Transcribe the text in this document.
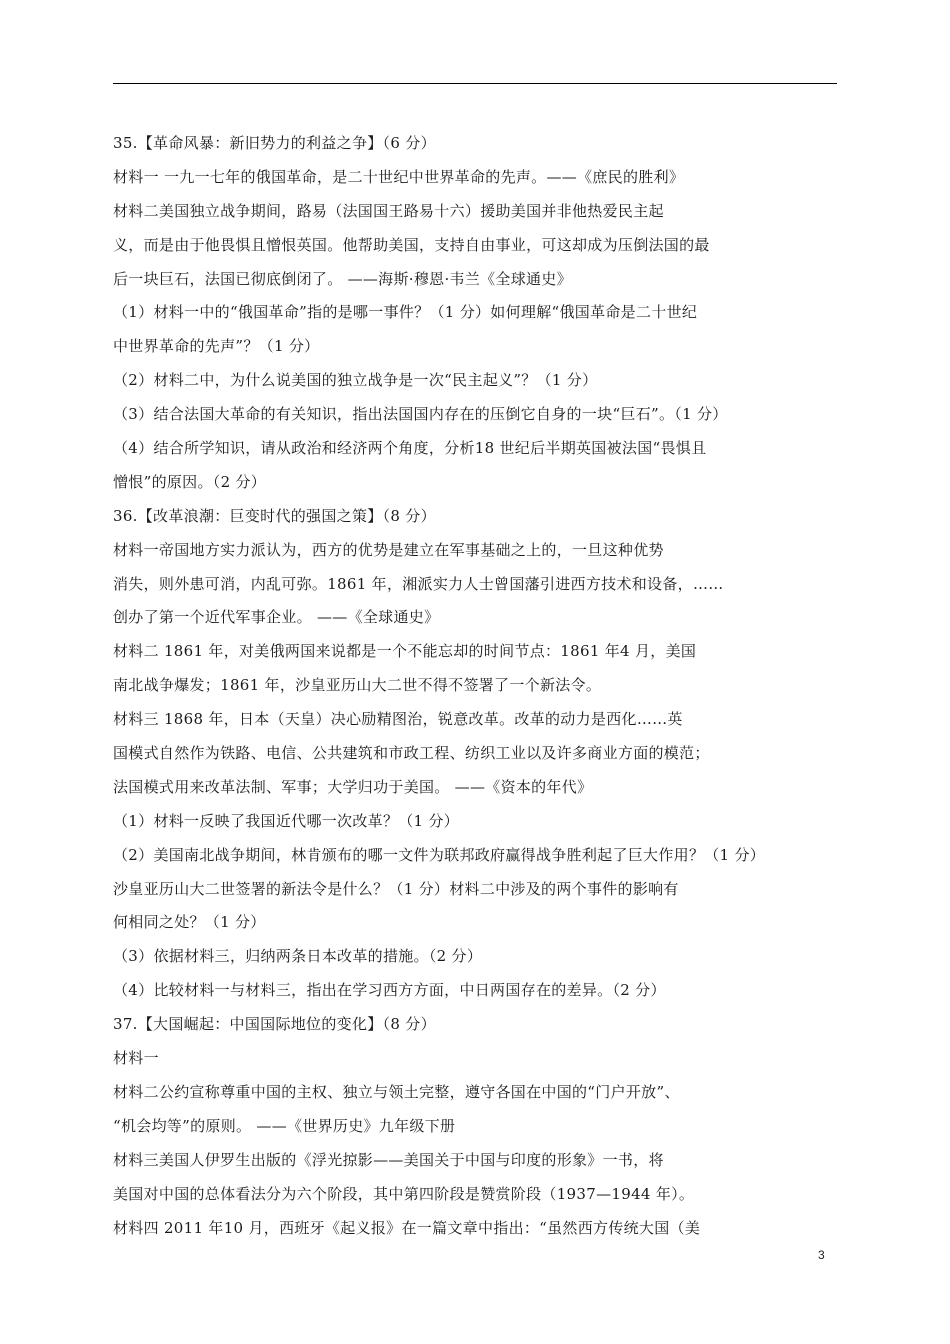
35.【革命风暴：新旧势力的利益之争】（6 分）
材料一 一九一七年的俄国革命，是二十世纪中世界革命的先声。——《庶民的胜利》
材料二美国独立战争期间，路易（法国国王路易十六）援助美国并非他热爱民主起
义，而是由于他畏惧且憎恨英国。他帮助美国，支持自由事业，可这却成为压倒法国的最
后一块巨石，法国已彻底倒闭了。 ——海斯·穆恩·韦兰《全球通史》
（1）材料一中的“俄国革命”指的是哪一事件？（1 分）如何理解“俄国革命是二十世纪
中世界革命的先声”？（1 分）
（2）材料二中，为什么说美国的独立战争是一次“民主起义”？（1 分）
（3）结合法国大革命的有关知识，指出法国国内存在的压倒它自身的一块“巨石”。（1 分）
（4）结合所学知识，请从政治和经济两个角度，分析18 世纪后半期英国被法国“畏惧且
憎恨”的原因。（2 分）
36.【改革浪潮：巨变时代的强国之策】（8 分）
材料一帝国地方实力派认为，西方的优势是建立在军事基础之上的，一旦这种优势
消失，则外患可消，内乱可弥。1861 年，湘派实力人士曾国藩引进西方技术和设备，……
创办了第一个近代军事企业。 ——《全球通史》
材料二 1861 年，对美俄两国来说都是一个不能忘却的时间节点：1861 年4 月，美国
南北战争爆发；1861 年，沙皇亚历山大二世不得不签署了一个新法令。
材料三 1868 年，日本（天皇）决心励精图治，锐意改革。改革的动力是西化……英
国模式自然作为铁路、电信、公共建筑和市政工程、纺织工业以及许多商业方面的模范；
法国模式用来改革法制、军事；大学归功于美国。 ——《资本的年代》
（1）材料一反映了我国近代哪一次改革？（1 分）
（2）美国南北战争期间，林肯颁布的哪一文件为联邦政府赢得战争胜利起了巨大作用？（1 分）
沙皇亚历山大二世签署的新法令是什么？（1 分）材料二中涉及的两个事件的影响有
何相同之处？（1 分）
（3）依据材料三，归纳两条日本改革的措施。（2 分）
（4）比较材料一与材料三，指出在学习西方方面，中日两国存在的差异。（2 分）
37.【大国崛起：中国国际地位的变化】（8 分）
材料一
材料二公约宣称尊重中国的主权、独立与领土完整，遵守各国在中国的“门户开放”、
“机会均等”的原则。 ——《世界历史》九年级下册
材料三美国人伊罗生出版的《浮光掠影——美国关于中国与印度的形象》一书，将
美国对中国的总体看法分为六个阶段，其中第四阶段是赞赏阶段（1937—1944 年）。
材料四 2011 年10 月，西班牙《起义报》在一篇文章中指出：“虽然西方传统大国（美
3
